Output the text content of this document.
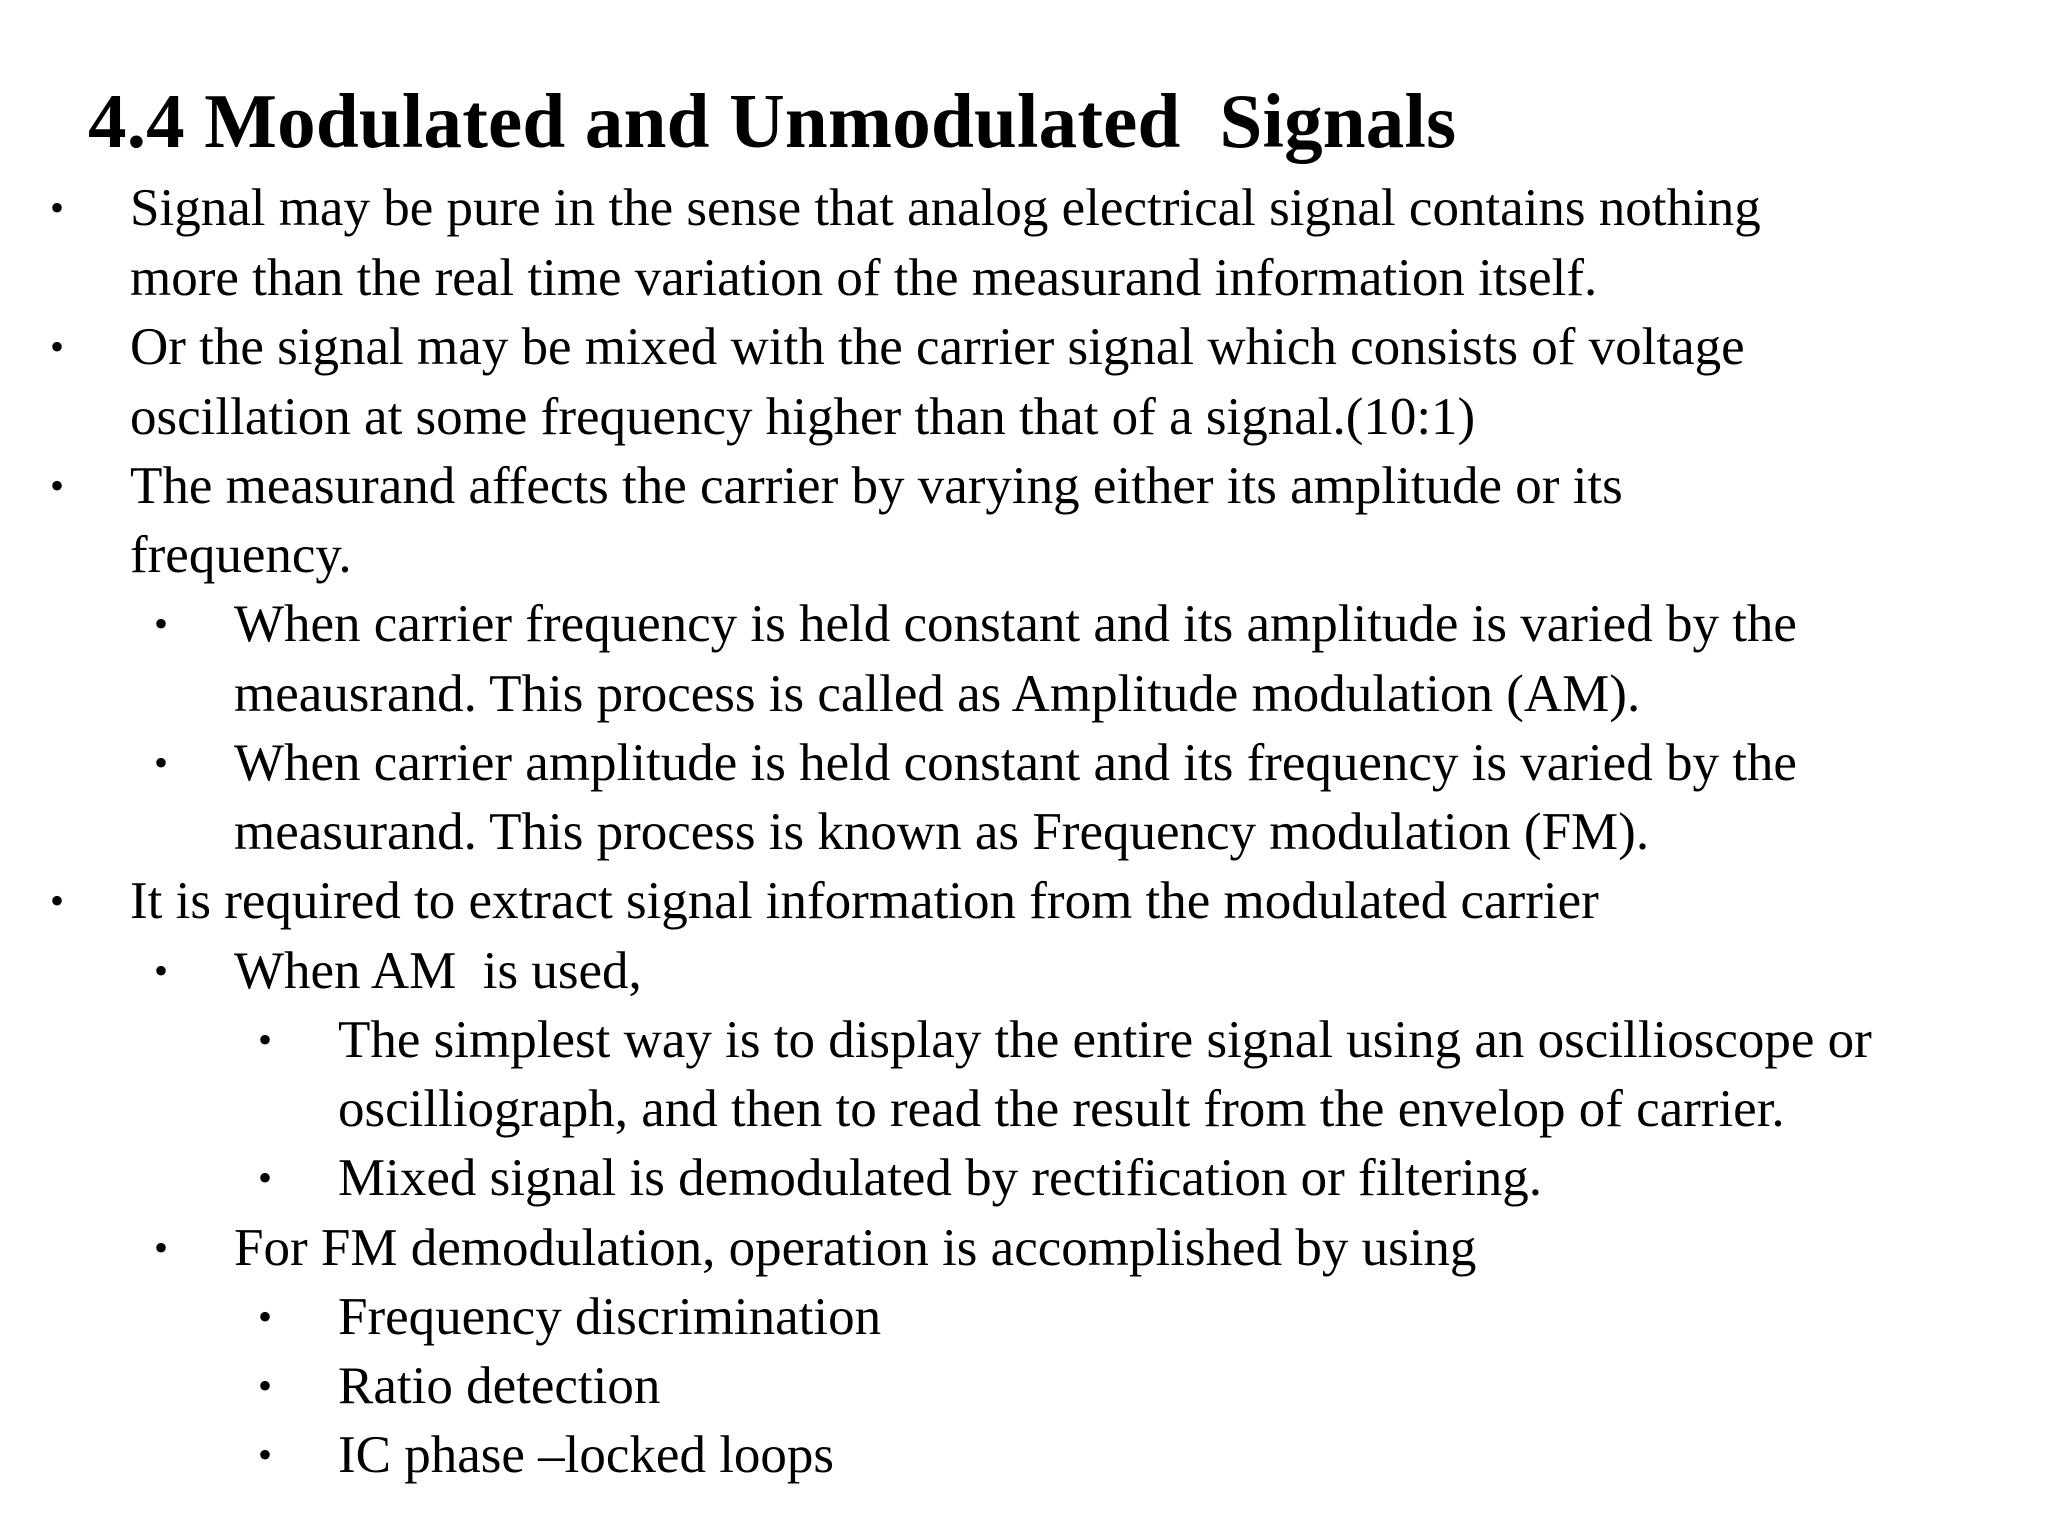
4.4 Modulated and Unmodulated  Signals
• Signal may be pure in the sense that analog electrical signal contains nothing
more than the real time variation of the measurand information itself.
• Or the signal may be mixed with the carrier signal which consists of voltage
oscillation at some frequency higher than that of a signal.(10:1)
• The measurand affects the carrier by varying either its amplitude or its
frequency.
• When carrier frequency is held constant and its amplitude is varied by the
meausrand. This process is called as Amplitude modulation (AM).
• When carrier amplitude is held constant and its frequency is varied by the
measurand. This process is known as Frequency modulation (FM).
• It is required to extract signal information from the modulated carrier
• When AM  is used,
• The simplest way is to display the entire signal using an oscillioscope or
oscilliograph, and then to read the result from the envelop of carrier.
• Mixed signal is demodulated by rectification or filtering.
• For FM demodulation, operation is accomplished by using
• Frequency discrimination
• Ratio detection
• IC phase –locked loops
